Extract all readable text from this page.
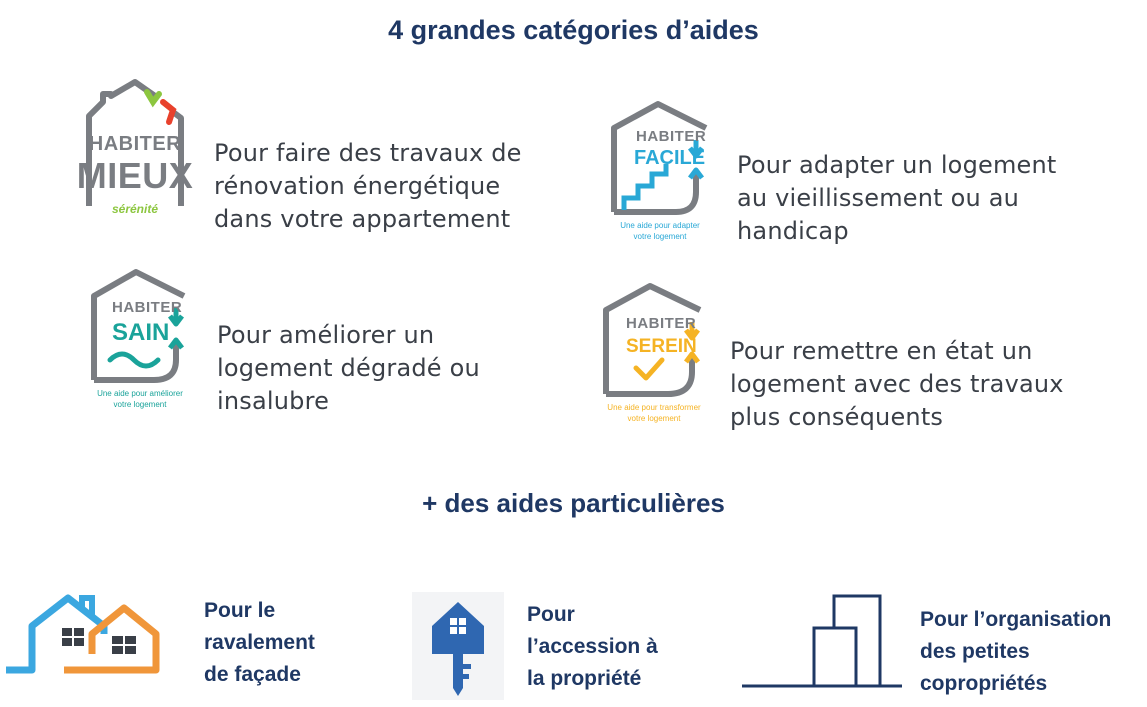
4 grandes catégories d’aides
HABITER
MIEUX
sérénité
Pour faire des travaux de
rénovation énergétique
dans votre appartement
HABITER
FACILE
Une aide pour adapter
votre logement
Pour adapter un logement
au vieillissement ou au
handicap
HABITER
SAIN
Une aide pour améliorer
votre logement
Pour améliorer un
logement dégradé ou
insalubre
HABITER
SEREIN
Une aide pour transformer
votre logement
Pour remettre en état un
logement avec des travaux
plus conséquents
+ des aides particulières
Pour le
ravalement
de façade
Pour
l’accession à
la propriété
Pour l’organisation
des petites
copropriétés
